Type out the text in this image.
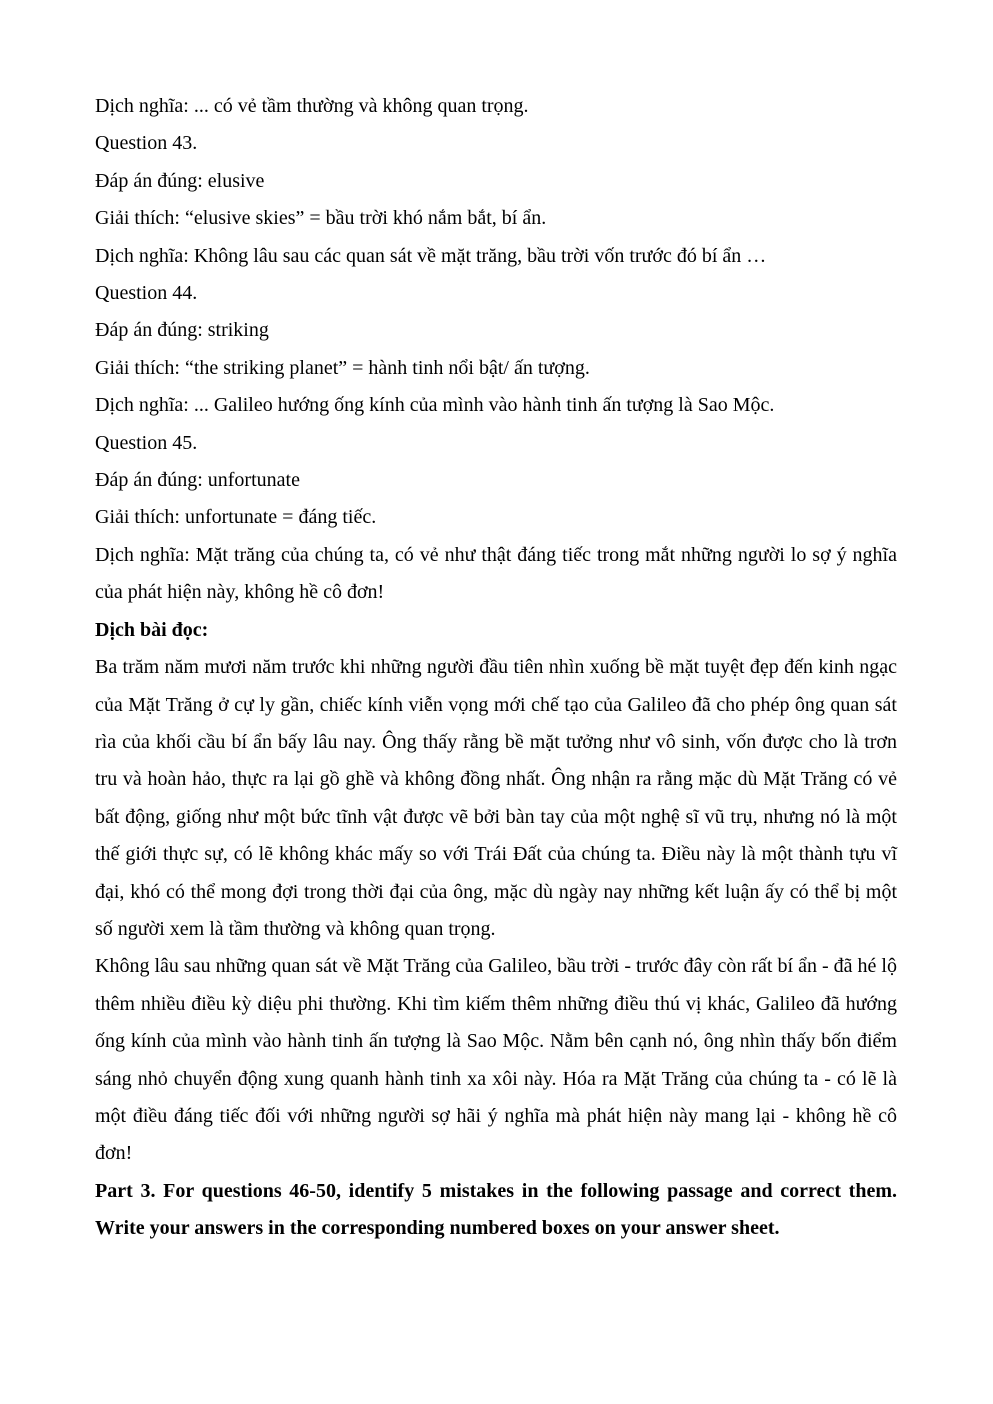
Dịch nghĩa: ... có vẻ tầm thường và không quan trọng.

Question 43.

Đáp án đúng: elusive

Giải thích: “elusive skies” = bầu trời khó nắm bắt, bí ẩn.

Dịch nghĩa: Không lâu sau các quan sát về mặt trăng, bầu trời vốn trước đó bí ẩn …

Question 44.

Đáp án đúng: striking

Giải thích: “the striking planet” = hành tinh nổi bật/ ấn tượng.

Dịch nghĩa: ... Galileo hướng ống kính của mình vào hành tinh ấn tượng là Sao Mộc.

Question 45.

Đáp án đúng: unfortunate

Giải thích: unfortunate = đáng tiếc.

Dịch nghĩa: Mặt trăng của chúng ta, có vẻ như thật đáng tiếc trong mắt những người lo sợ ý nghĩa của phát hiện này, không hề cô đơn!

Dịch bài đọc:

Ba trăm năm mươi năm trước khi những người đầu tiên nhìn xuống bề mặt tuyệt đẹp đến kinh ngạc của Mặt Trăng ở cự ly gần, chiếc kính viễn vọng mới chế tạo của Galileo đã cho phép ông quan sát rìa của khối cầu bí ẩn bấy lâu nay. Ông thấy rằng bề mặt tưởng như vô sinh, vốn được cho là trơn tru và hoàn hảo, thực ra lại gồ ghề và không đồng nhất. Ông nhận ra rằng mặc dù Mặt Trăng có vẻ bất động, giống như một bức tĩnh vật được vẽ bởi bàn tay của một nghệ sĩ vũ trụ, nhưng nó là một thế giới thực sự, có lẽ không khác mấy so với Trái Đất của chúng ta. Điều này là một thành tựu vĩ đại, khó có thể mong đợi trong thời đại của ông, mặc dù ngày nay những kết luận ấy có thể bị một số người xem là tầm thường và không quan trọng.

Không lâu sau những quan sát về Mặt Trăng của Galileo, bầu trời - trước đây còn rất bí ẩn - đã hé lộ thêm nhiều điều kỳ diệu phi thường. Khi tìm kiếm thêm những điều thú vị khác, Galileo đã hướng ống kính của mình vào hành tinh ấn tượng là Sao Mộc. Nằm bên cạnh nó, ông nhìn thấy bốn điểm sáng nhỏ chuyển động xung quanh hành tinh xa xôi này. Hóa ra Mặt Trăng của chúng ta - có lẽ là một điều đáng tiếc đối với những người sợ hãi ý nghĩa mà phát hiện này mang lại - không hề cô đơn!

Part 3. For questions 46-50, identify 5 mistakes in the following passage and correct them. Write your answers in the corresponding numbered boxes on your answer sheet.
